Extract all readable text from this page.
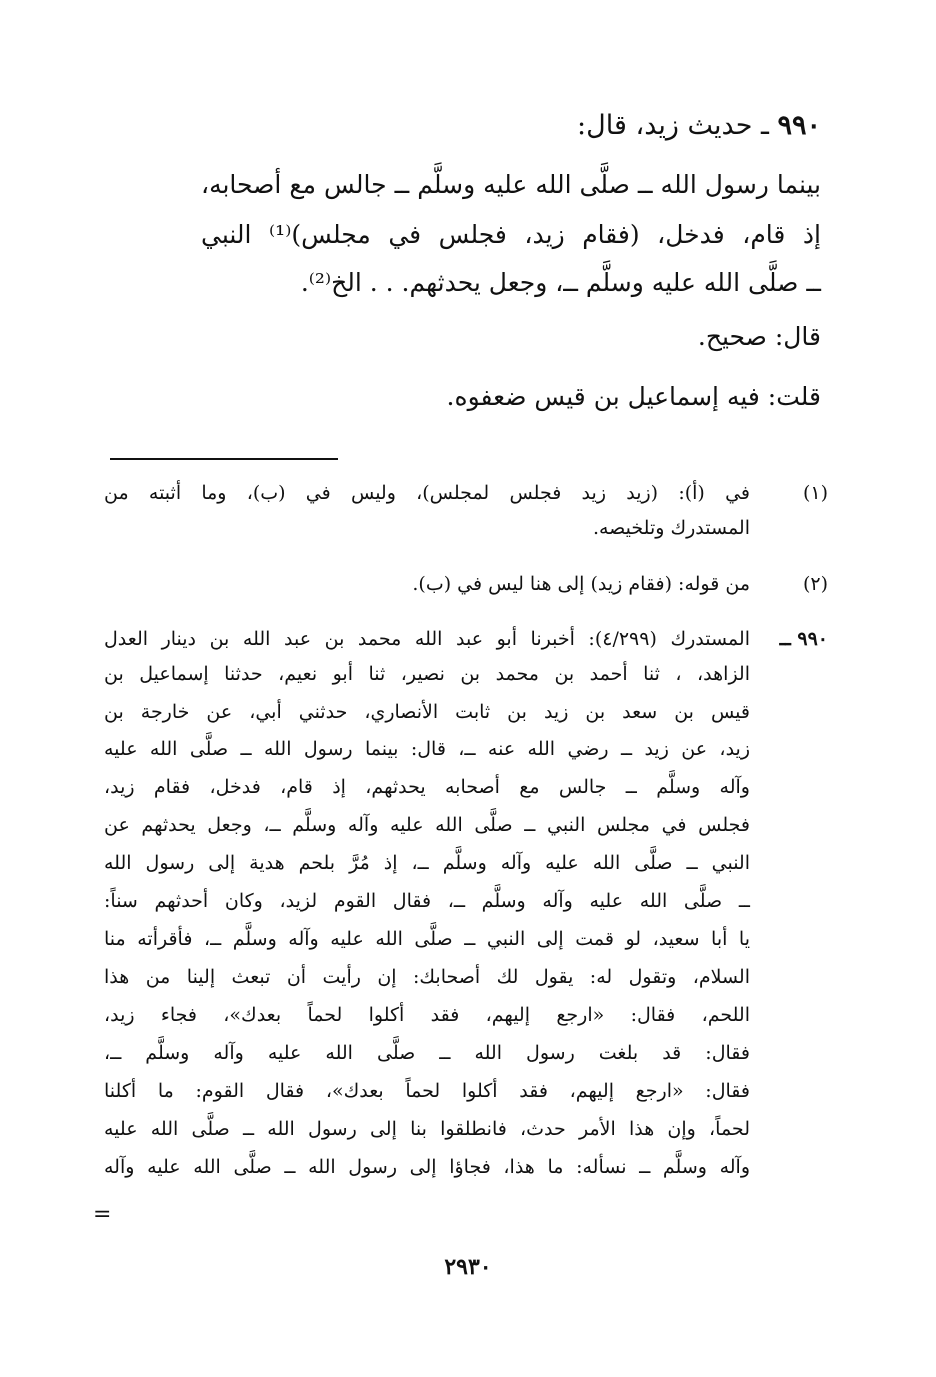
٩٩٠ ـ حديث زيد، قال:
بينما رسول الله ــ صلَّى الله عليه وسلَّم ــ جالس مع أصحابه،
إذ قام، فدخل، (فقام زيد، فجلس في مجلس)⁽¹⁾ النبي
ــ صلَّى الله عليه وسلَّم ــ، وجعل يحدثهم. . . الخ⁽²⁾.
قال: صحيح.
قلت: فيه إسماعيل بن قيس ضعفوه.
(١)
في (أ): (زيد زيد فجلس لمجلس)، وليس في (ب)، وما أثبته من
المستدرك وتلخيصه.
(٢)
من قوله: (فقام زيد) إلى هنا ليس في (ب).
٩٩٠ ــ
المستدرك (٤/٢٩٩): أخبرنا أبو عبد الله محمد بن عبد الله بن دينار العدل
الزاهد، ، ثنا أحمد بن محمد بن نصير، ثنا أبو نعيم، حدثنا إسماعيل بن
قيس بن سعد بن زيد بن ثابت الأنصاري، حدثني أبي، عن خارجة بن
زيد، عن زيد ــ رضي الله عنه ــ، قال: بينما رسول الله ــ صلَّى الله عليه
وآله وسلَّم ــ جالس مع أصحابه يحدثهم، إذ قام، فدخل، فقام زيد،
فجلس في مجلس النبي ــ صلَّى الله عليه وآله وسلَّم ــ، وجعل يحدثهم عن
النبي ــ صلَّى الله عليه وآله وسلَّم ــ، إذ مُرَّ بلحم هدية إلى رسول الله
ــ صلَّى الله عليه وآله وسلَّم ــ، فقال القوم لزيد، وكان أحدثهم سناً:
يا أبا سعيد، لو قمت إلى النبي ــ صلَّى الله عليه وآله وسلَّم ــ، فأقرأته منا
السلام، وتقول له: يقول لك أصحابك: إن رأيت أن تبعث إلينا من هذا
اللحم، فقال: «ارجع إليهم، فقد أكلوا لحماً بعدك»، فجاء زيد،
فقال: قد بلغت رسول الله ــ صلَّى الله عليه وآله وسلَّم ــ،
فقال: «ارجع إليهم، فقد أكلوا لحماً بعدك»، فقال القوم: ما أكلنا
لحماً، وإن هذا الأمر حدث، فانطلقوا بنا إلى رسول الله ــ صلَّى الله عليه
وآله وسلَّم ــ نسأله: ما هذا، فجاؤا إلى رسول الله ــ صلَّى الله عليه وآله
=
٢٩٣٠
